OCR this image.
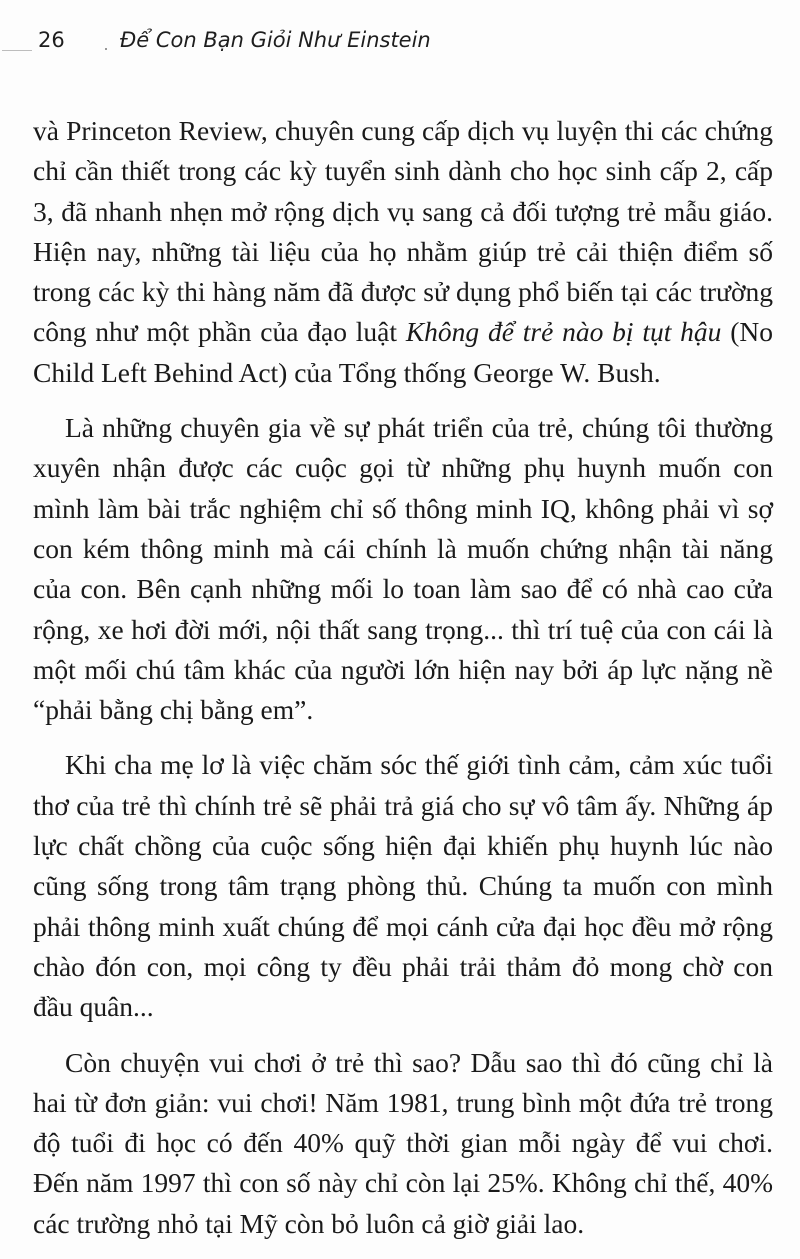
26	Để Con Bạn Giỏi Như Einstein

và Princeton Review, chuyên cung cấp dịch vụ luyện thi các chứng chỉ cần thiết trong các kỳ tuyển sinh dành cho học sinh cấp 2, cấp 3, đã nhanh nhẹn mở rộng dịch vụ sang cả đối tượng trẻ mẫu giáo. Hiện nay, những tài liệu của họ nhằm giúp trẻ cải thiện điểm số trong các kỳ thi hàng năm đã được sử dụng phổ biến tại các trường công như một phần của đạo luật Không để trẻ nào bị tụt hậu (No Child Left Behind Act) của Tổng thống George W. Bush.

Là những chuyên gia về sự phát triển của trẻ, chúng tôi thường xuyên nhận được các cuộc gọi từ những phụ huynh muốn con mình làm bài trắc nghiệm chỉ số thông minh IQ, không phải vì sợ con kém thông minh mà cái chính là muốn chứng nhận tài năng của con. Bên cạnh những mối lo toan làm sao để có nhà cao cửa rộng, xe hơi đời mới, nội thất sang trọng... thì trí tuệ của con cái là một mối chú tâm khác của người lớn hiện nay bởi áp lực nặng nề “phải bằng chị bằng em”.

Khi cha mẹ lơ là việc chăm sóc thế giới tình cảm, cảm xúc tuổi thơ của trẻ thì chính trẻ sẽ phải trả giá cho sự vô tâm ấy. Những áp lực chất chồng của cuộc sống hiện đại khiến phụ huynh lúc nào cũng sống trong tâm trạng phòng thủ. Chúng ta muốn con mình phải thông minh xuất chúng để mọi cánh cửa đại học đều mở rộng chào đón con, mọi công ty đều phải trải thảm đỏ mong chờ con đầu quân...

Còn chuyện vui chơi ở trẻ thì sao? Dẫu sao thì đó cũng chỉ là hai từ đơn giản: vui chơi! Năm 1981, trung bình một đứa trẻ trong độ tuổi đi học có đến 40% quỹ thời gian mỗi ngày để vui chơi. Đến năm 1997 thì con số này chỉ còn lại 25%. Không chỉ thế, 40% các trường nhỏ tại Mỹ còn bỏ luôn cả giờ giải lao.
